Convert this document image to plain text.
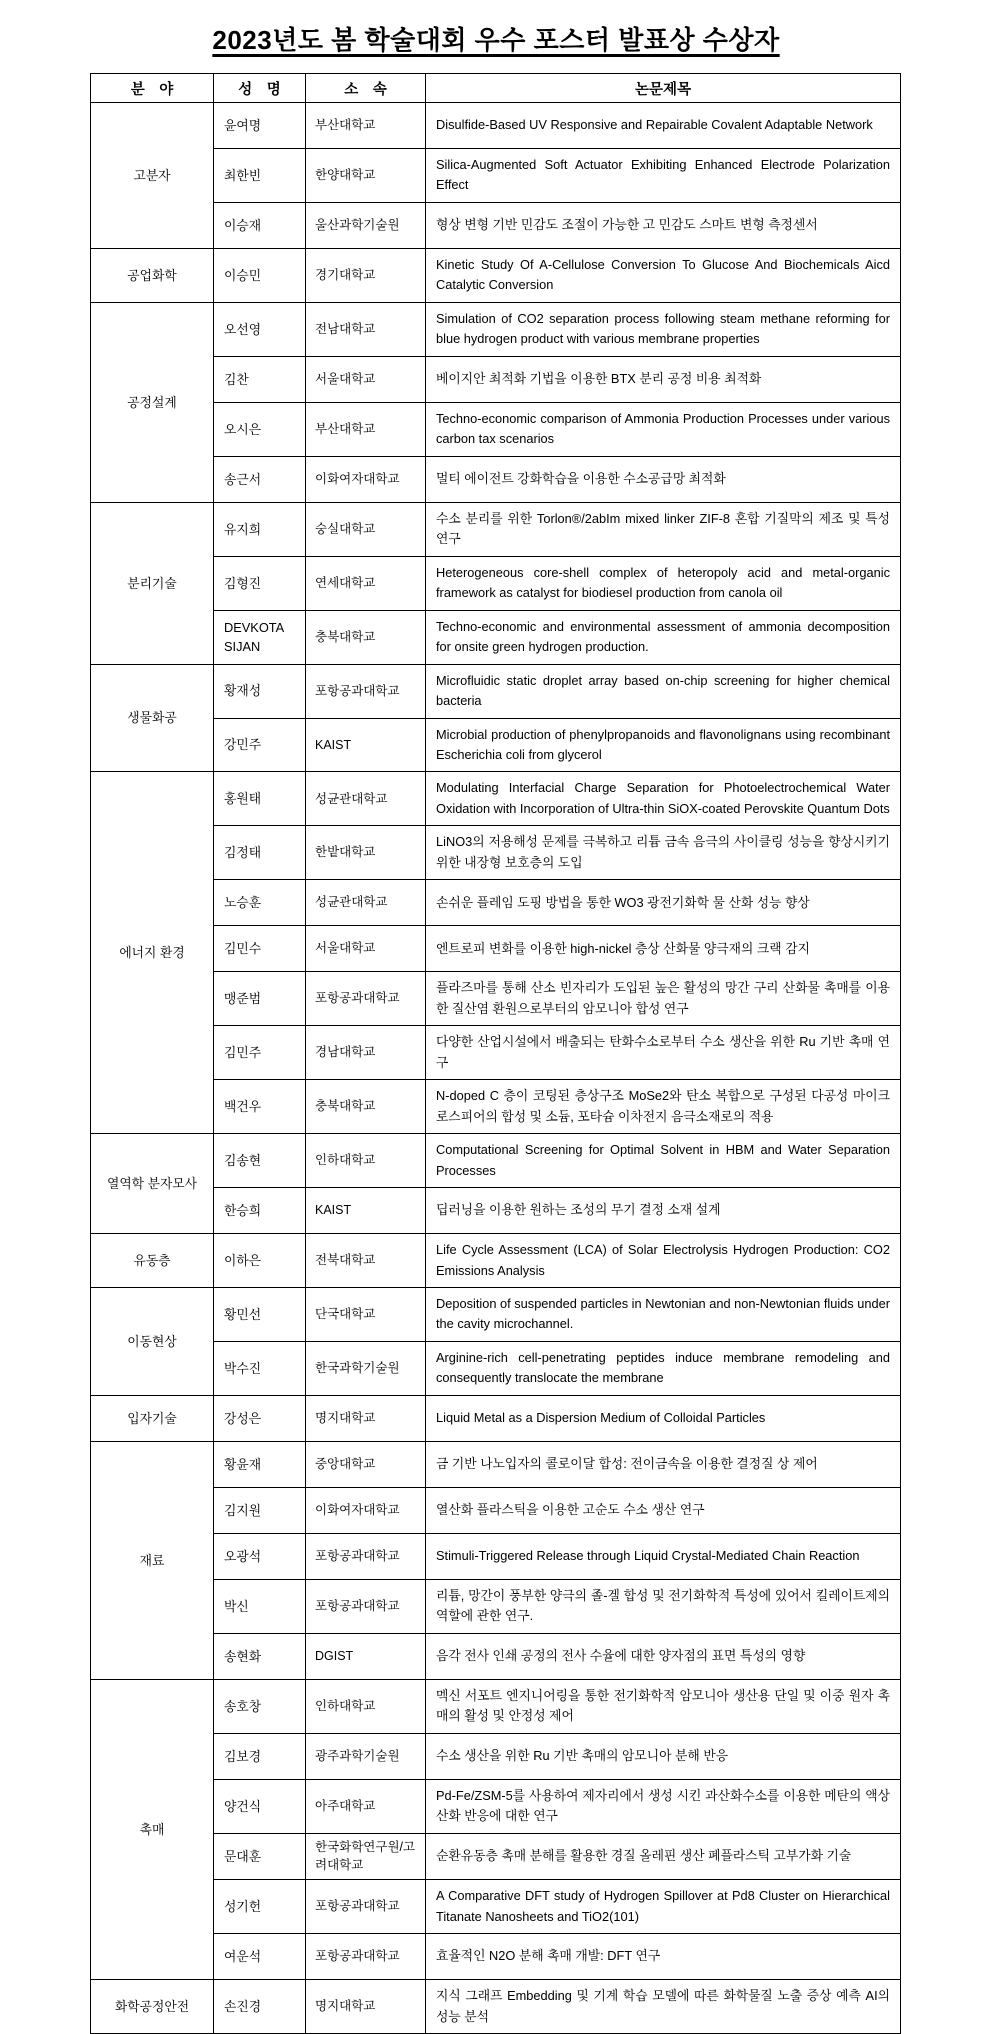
2023년도 봄 학술대회 우수 포스터 발표상 수상자
분　야	성　명	소　속	논문제목
고분자	윤여명	부산대학교	Disulfide-Based UV Responsive and Repairable Covalent Adaptable Network
	최한빈	한양대학교	Silica-Augmented Soft Actuator Exhibiting Enhanced Electrode Polarization Effect
	이승재	울산과학기술원	형상 변형 기반 민감도 조절이 가능한 고 민감도 스마트 변형 측정센서
공업화학	이승민	경기대학교	Kinetic Study Of A-Cellulose Conversion To Glucose And Biochemicals Aicd Catalytic Conversion
공정설계	오선영	전남대학교	Simulation of CO2 separation process following steam methane reforming for blue hydrogen product with various membrane properties
	김찬	서울대학교	베이지안 최적화 기법을 이용한 BTX 분리 공정 비용 최적화
	오시은	부산대학교	Techno-economic comparison of Ammonia Production Processes under various carbon tax scenarios
	송근서	이화여자대학교	멀티 에이전트 강화학습을 이용한 수소공급망 최적화
분리기술	유지희	숭실대학교	수소 분리를 위한 Torlon®/2abIm mixed linker ZIF-8 혼합 기질막의 제조 및 특성 연구
	김형진	연세대학교	Heterogeneous core-shell complex of heteropoly acid and metal-organic framework as catalyst for biodiesel production from canola oil
	DEVKOTA SIJAN	충북대학교	Techno-economic and environmental assessment of ammonia decomposition for onsite green hydrogen production.
생물화공	황재성	포항공과대학교	Microfluidic static droplet array based on-chip screening for higher chemical bacteria
	강민주	KAIST	Microbial production of phenylpropanoids and flavonolignans using recombinant Escherichia coli from glycerol
에너지 환경	홍원태	성균관대학교	Modulating Interfacial Charge Separation for Photoelectrochemical Water Oxidation with Incorporation of Ultra-thin SiOX-coated Perovskite Quantum Dots
	김정태	한밭대학교	LiNO3의 저용해성 문제를 극복하고 리튬 금속 음극의 사이클링 성능을 향상시키기 위한 내장형 보호층의 도입
	노승훈	성균관대학교	손쉬운 플레임 도핑 방법을 통한 WO3 광전기화학 물 산화 성능 향상
	김민수	서울대학교	엔트로피 변화를 이용한 high-nickel 층상 산화물 양극재의 크랙 감지
	맹준범	포항공과대학교	플라즈마를 통해 산소 빈자리가 도입된 높은 활성의 망간 구리 산화물 촉매를 이용한 질산염 환원으로부터의 암모니아 합성 연구
	김민주	경남대학교	다양한 산업시설에서 배출되는 탄화수소로부터 수소 생산을 위한 Ru 기반 촉매 연구
	백건우	충북대학교	N-doped C 층이 코팅된 층상구조 MoSe2와 탄소 복합으로 구성된 다공성 마이크로스피어의 합성 및 소듐, 포타슘 이차전지 음극소재로의 적용
열역학 분자모사	김송현	인하대학교	Computational Screening for Optimal Solvent in HBM and Water Separation Processes
	한승희	KAIST	딥러닝을 이용한 원하는 조성의 무기 결정 소재 설계
유동층	이하은	전북대학교	Life Cycle Assessment (LCA) of Solar Electrolysis Hydrogen Production: CO2 Emissions Analysis
이동현상	황민선	단국대학교	Deposition of suspended particles in Newtonian and non-Newtonian fluids under the cavity microchannel.
	박수진	한국과학기술원	Arginine-rich cell-penetrating peptides induce membrane remodeling and consequently translocate the membrane
입자기술	강성은	명지대학교	Liquid Metal as a Dispersion Medium of Colloidal Particles
재료	황윤재	중앙대학교	금 기반 나노입자의 콜로이달 합성: 전이금속을 이용한 결정질 상 제어
	김지원	이화여자대학교	열산화 플라스틱을 이용한 고순도 수소 생산 연구
	오광석	포항공과대학교	Stimuli-Triggered Release through Liquid Crystal-Mediated Chain Reaction
	박신	포항공과대학교	리튬, 망간이 풍부한 양극의 졸-겔 합성 및 전기화학적 특성에 있어서 킬레이트제의 역할에 관한 연구.
	송현화	DGIST	음각 전사 인쇄 공정의 전사 수율에 대한 양자점의 표면 특성의 영향
촉매	송호창	인하대학교	멕신 서포트 엔지니어링을 통한 전기화학적 암모니아 생산용 단일 및 이중 원자 촉매의 활성 및 안정성 제어
	김보경	광주과학기술원	수소 생산을 위한 Ru 기반 촉매의 암모니아 분해 반응
	양건식	아주대학교	Pd-Fe/ZSM-5를 사용하여 제자리에서 생성 시킨 과산화수소를 이용한 메탄의 액상산화 반응에 대한 연구
	문대훈	한국화학연구원/고려대학교	순환유동층 촉매 분해를 활용한 경질 올레핀 생산 폐플라스틱 고부가화 기술
	성기헌	포항공과대학교	A Comparative DFT study of Hydrogen Spillover at Pd8 Cluster on Hierarchical Titanate Nanosheets and TiO2(101)
	여운석	포항공과대학교	효율적인 N2O 분해 촉매 개발: DFT 연구
화학공정안전	손진경	명지대학교	지식 그래프 Embedding 및 기계 학습 모델에 따른 화학물질 노출 증상 예측 AI의 성능 분석
